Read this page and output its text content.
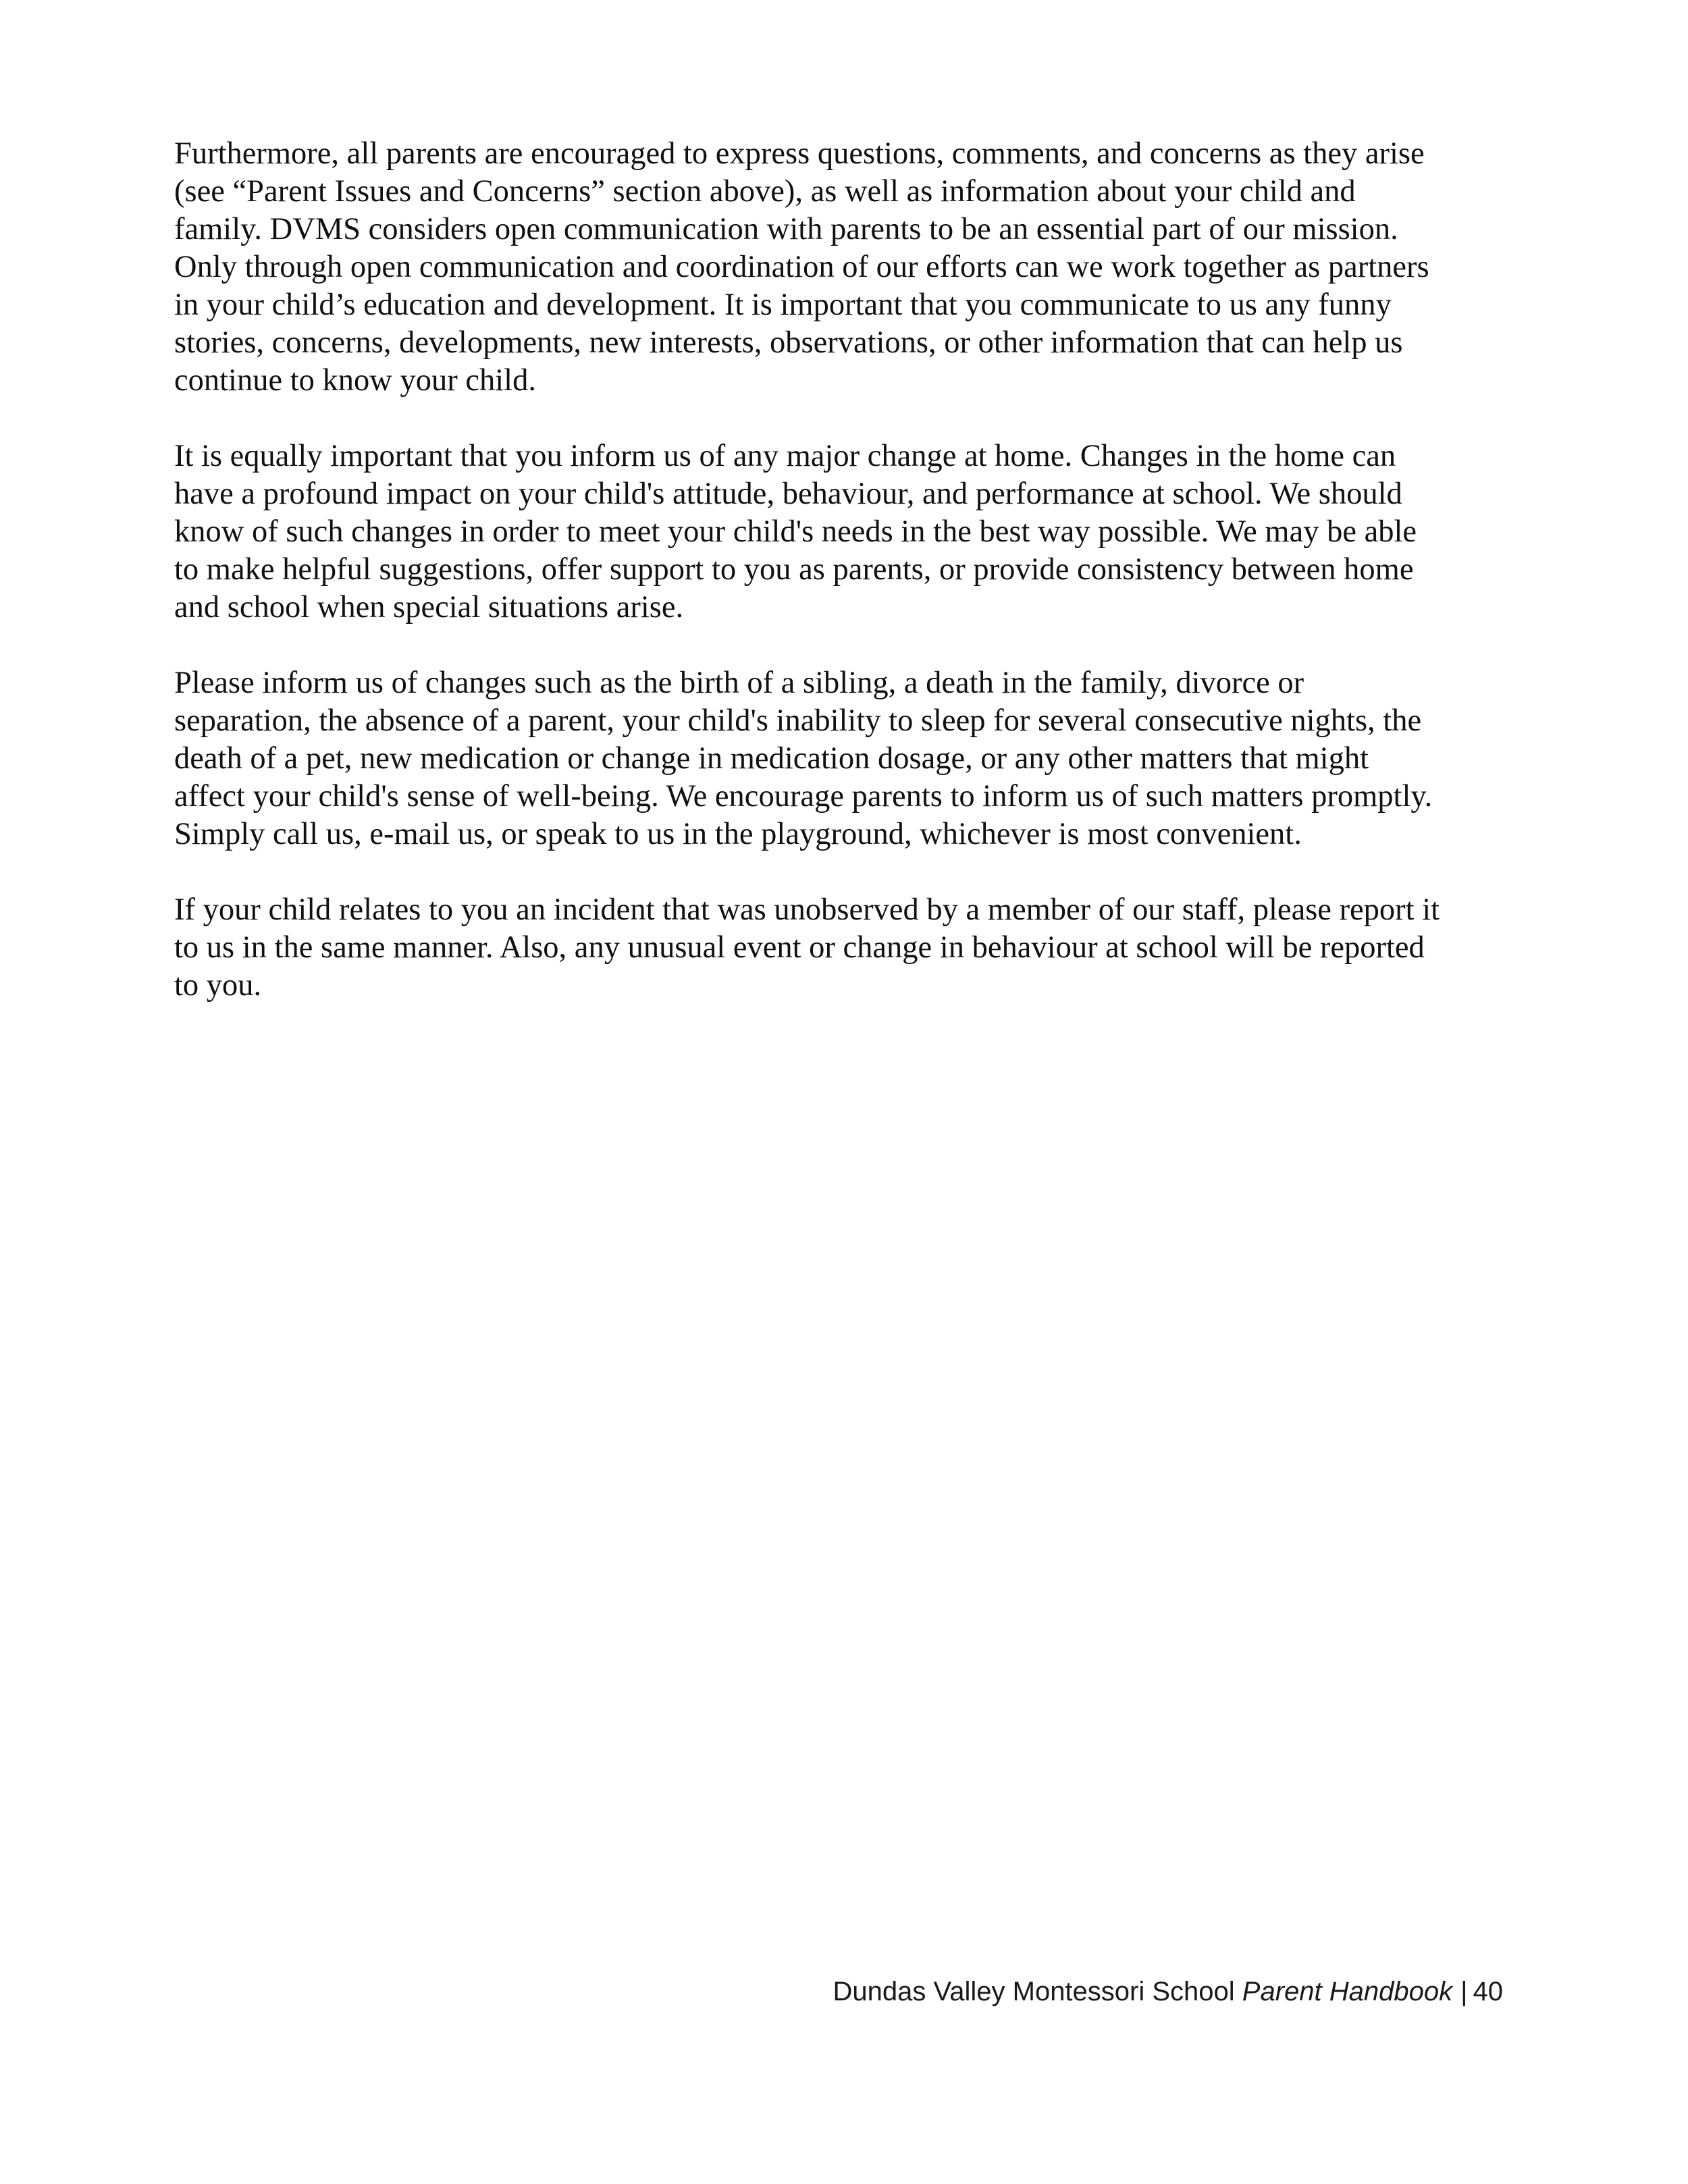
Furthermore, all parents are encouraged to express questions, comments, and concerns as they arise
(see “Parent Issues and Concerns” section above), as well as information about your child and
family. DVMS considers open communication with parents to be an essential part of our mission.
Only through open communication and coordination of our efforts can we work together as partners
in your child’s education and development. It is important that you communicate to us any funny
stories, concerns, developments, new interests, observations, or other information that can help us
continue to know your child.

It is equally important that you inform us of any major change at home. Changes in the home can
have a profound impact on your child's attitude, behaviour, and performance at school. We should
know of such changes in order to meet your child's needs in the best way possible. We may be able
to make helpful suggestions, offer support to you as parents, or provide consistency between home
and school when special situations arise.

Please inform us of changes such as the birth of a sibling, a death in the family, divorce or
separation, the absence of a parent, your child's inability to sleep for several consecutive nights, the
death of a pet, new medication or change in medication dosage, or any other matters that might
affect your child's sense of well-being. We encourage parents to inform us of such matters promptly.
Simply call us, e-mail us, or speak to us in the playground, whichever is most convenient.

If your child relates to you an incident that was unobserved by a member of our staff, please report it
to us in the same manner. Also, any unusual event or change in behaviour at school will be reported
to you.

Dundas Valley Montessori School Parent Handbook | 40
